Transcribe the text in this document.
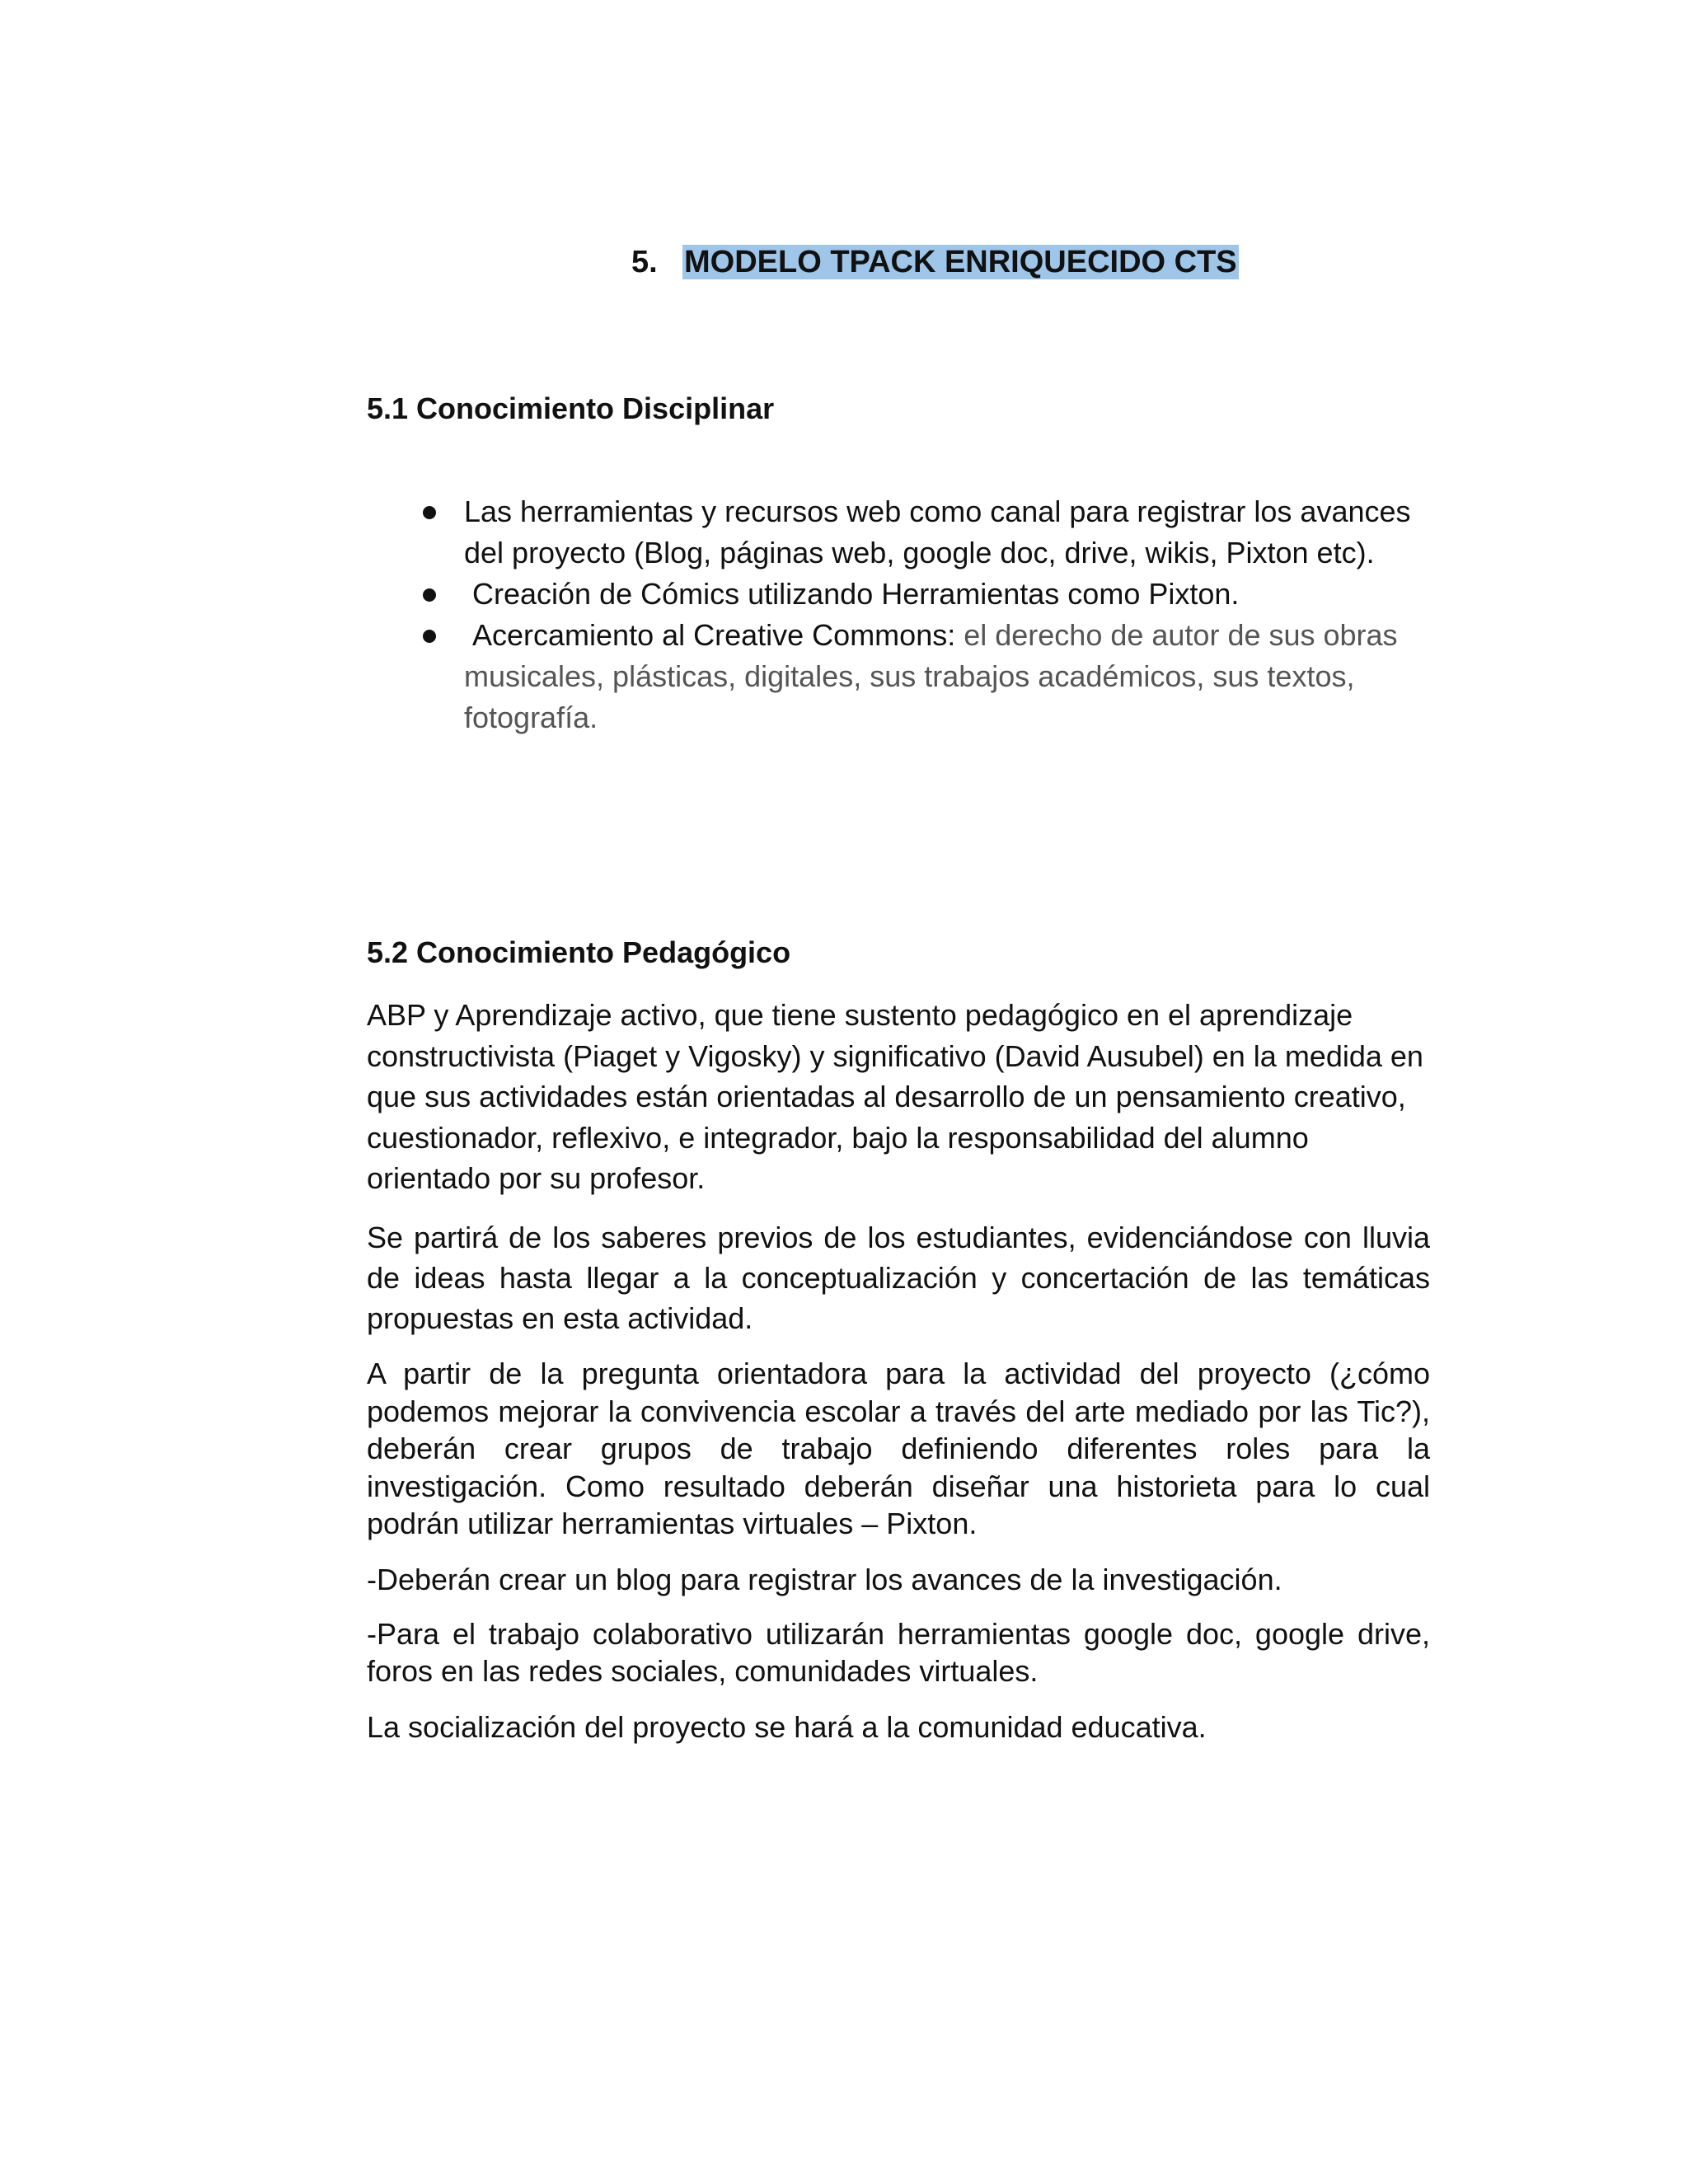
5. MODELO TPACK ENRIQUECIDO CTS
5.1 Conocimiento Disciplinar
Las herramientas y recursos web como canal para registrar los avances del proyecto (Blog, páginas web, google doc, drive, wikis, Pixton etc).
Creación de Cómics utilizando Herramientas como Pixton.
Acercamiento al Creative Commons: el derecho de autor de sus obras musicales, plásticas, digitales, sus trabajos académicos, sus textos, fotografía.
5.2 Conocimiento Pedagógico

ABP y Aprendizaje activo, que tiene sustento pedagógico en el aprendizaje constructivista (Piaget y Vigosky) y significativo (David Ausubel) en la medida en que sus actividades están orientadas al desarrollo de un pensamiento creativo, cuestionador, reflexivo, e integrador, bajo la responsabilidad del alumno orientado por su profesor.

Se partirá de los saberes previos de los estudiantes, evidenciándose con lluvia de ideas hasta llegar a la conceptualización y concertación de las temáticas propuestas en esta actividad.

A partir de la pregunta orientadora para la actividad del proyecto (¿cómo podemos mejorar la convivencia escolar a través del arte mediado por las Tic?), deberán crear grupos de trabajo definiendo diferentes roles para la investigación. Como resultado deberán diseñar una historieta para lo cual podrán utilizar herramientas virtuales – Pixton.

-Deberán crear un blog para registrar los avances de la investigación.

-Para el trabajo colaborativo utilizarán herramientas google doc, google drive, foros en las redes sociales, comunidades virtuales.

La socialización del proyecto se hará a la comunidad educativa.
